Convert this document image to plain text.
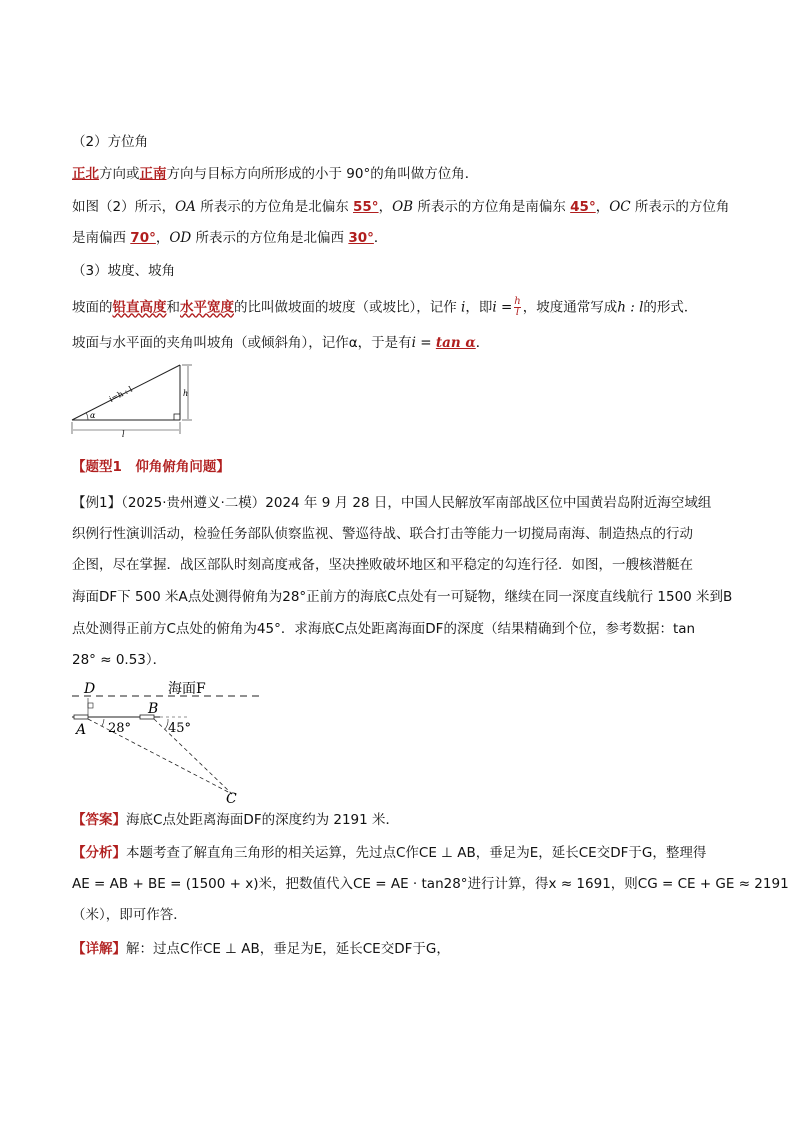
（2）方位角
正北方向或正南方向与目标方向所形成的小于 90°的角叫做方位角．
如图（2）所示，OA 所表示的方位角是北偏东 55°，OB 所表示的方位角是南偏东 45°，OC 所表示的方位角
是南偏西 70°，OD 所表示的方位角是北偏西 30°．
（3）坡度、坡角
坡面的铅直高度和水平宽度的比叫做坡面的坡度（或坡比），记作 i，即$i = \frac{h}{l}$ ，坡度通常写成h : l的形式．
坡面与水平面的夹角叫坡角（或倾斜角），记作α，于是有i = tan α．
i=h : l	h
α
l
【题型1　仰角俯角问题】
【例1】（2025·贵州遵义·二模）2024 年 9 月 28 日，中国人民解放军南部战区位中国黄岩岛附近海空域组
织例行性演训活动，检验任务部队侦察监视、警巡待战、联合打击等能力一切搅局南海、制造热点的行动
企图，尽在掌握．战区部队时刻高度戒备，坚决挫败破坏地区和平稳定的勾连行径．如图，一艘核潜艇在
海面DF下 500 米A点处测得俯角为28°正前方的海底C点处有一可疑物，继续在同一深度直线航行 1500 米到B
点处测得正前方C点处的俯角为45°．求海底C点处距离海面DF的深度（结果精确到个位，参考数据：tan
28° ≈ 0.53）．
D	海面F
A
B
28°	45°
C
【答案】海底C点处距离海面DF的深度约为 2191 米．
【分析】本题考查了解直角三角形的相关运算，先过点C作CE ⊥ AB，垂足为E，延长CE交DF于G，整理得
AE = AB + BE = (1500 + x)米，把数值代入CE = AE · tan28°进行计算，得x ≈ 1691，则CG = CE + GE ≈ 2191
（米），即可作答．
【详解】解：过点C作CE ⊥ AB，垂足为E，延长CE交DF于G，
